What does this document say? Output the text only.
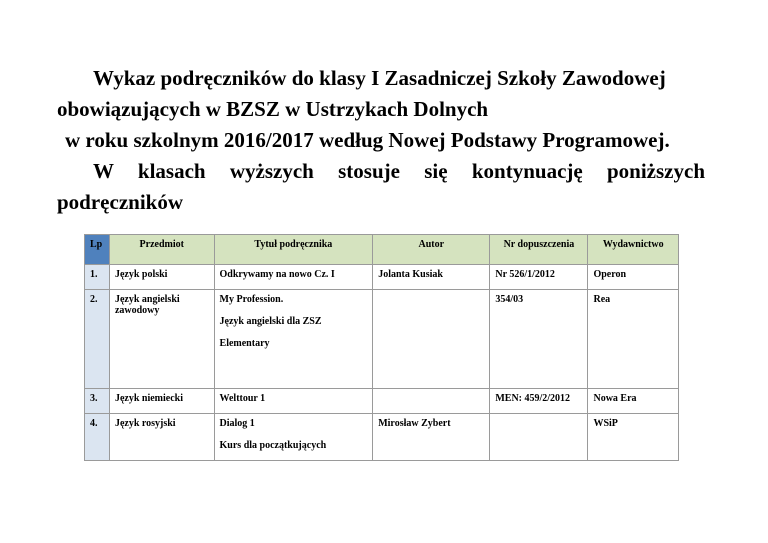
Wykaz podręczników do klasy I Zasadniczej Szkoły Zawodowej
obowiązujących w BZSZ w Ustrzykach Dolnych
w roku szkolnym 2016/2017 według Nowej Podstawy Programowej.
W klasach wyższych stosuje się kontynuację poniższych
podręczników
Lp	Przedmiot	Tytuł podręcznika	Autor	Nr dopuszczenia	Wydawnictwo
1.	Język polski	Odkrywamy na nowo Cz. I	Jolanta Kusiak	Nr 526/1/2012	Operon
2.	Język angielski zawodowy	My Profession.

Język angielski dla ZSZ

Elementary		354/03	Rea
3.	Język niemiecki	Welttour 1		MEN: 459/2/2012	Nowa Era
4.	Język rosyjski	Dialog 1

Kurs dla początkujących	Mirosław Zybert		WSiP
